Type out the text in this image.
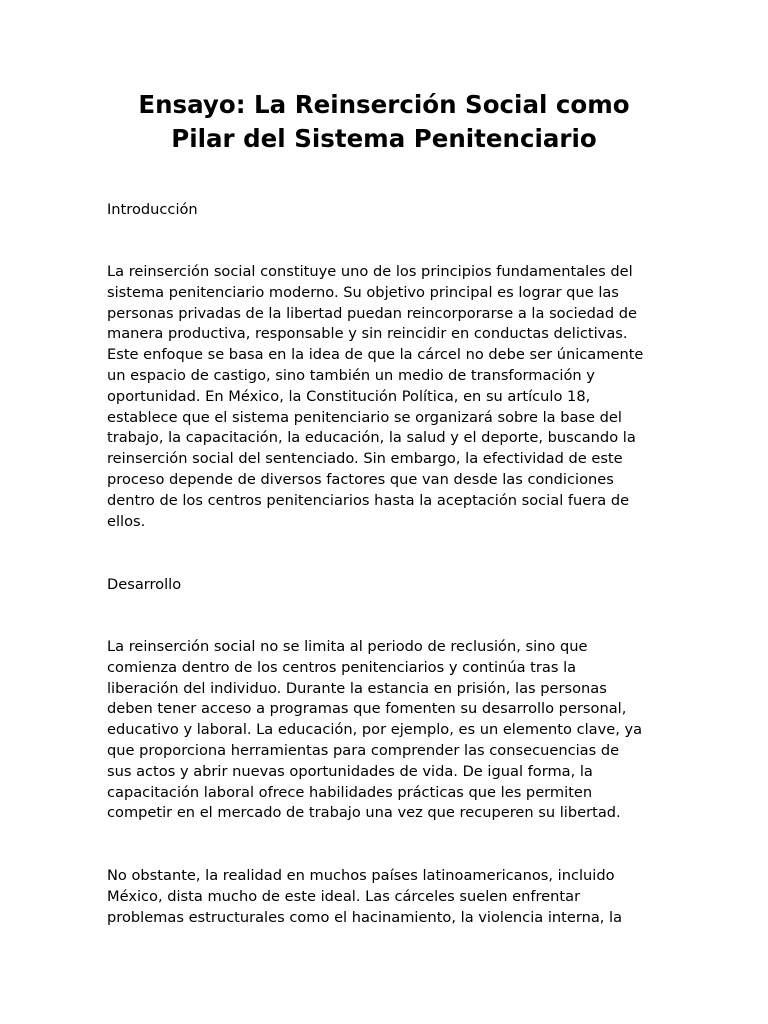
Ensayo: La Reinserción Social como
Pilar del Sistema Penitenciario

Introducción

La reinserción social constituye uno de los principios fundamentales del
sistema penitenciario moderno. Su objetivo principal es lograr que las
personas privadas de la libertad puedan reincorporarse a la sociedad de
manera productiva, responsable y sin reincidir en conductas delictivas.
Este enfoque se basa en la idea de que la cárcel no debe ser únicamente
un espacio de castigo, sino también un medio de transformación y
oportunidad. En México, la Constitución Política, en su artículo 18,
establece que el sistema penitenciario se organizará sobre la base del
trabajo, la capacitación, la educación, la salud y el deporte, buscando la
reinserción social del sentenciado. Sin embargo, la efectividad de este
proceso depende de diversos factores que van desde las condiciones
dentro de los centros penitenciarios hasta la aceptación social fuera de
ellos.

Desarrollo

La reinserción social no se limita al periodo de reclusión, sino que
comienza dentro de los centros penitenciarios y continúa tras la
liberación del individuo. Durante la estancia en prisión, las personas
deben tener acceso a programas que fomenten su desarrollo personal,
educativo y laboral. La educación, por ejemplo, es un elemento clave, ya
que proporciona herramientas para comprender las consecuencias de
sus actos y abrir nuevas oportunidades de vida. De igual forma, la
capacitación laboral ofrece habilidades prácticas que les permiten
competir en el mercado de trabajo una vez que recuperen su libertad.

No obstante, la realidad en muchos países latinoamericanos, incluido
México, dista mucho de este ideal. Las cárceles suelen enfrentar
problemas estructurales como el hacinamiento, la violencia interna, la
